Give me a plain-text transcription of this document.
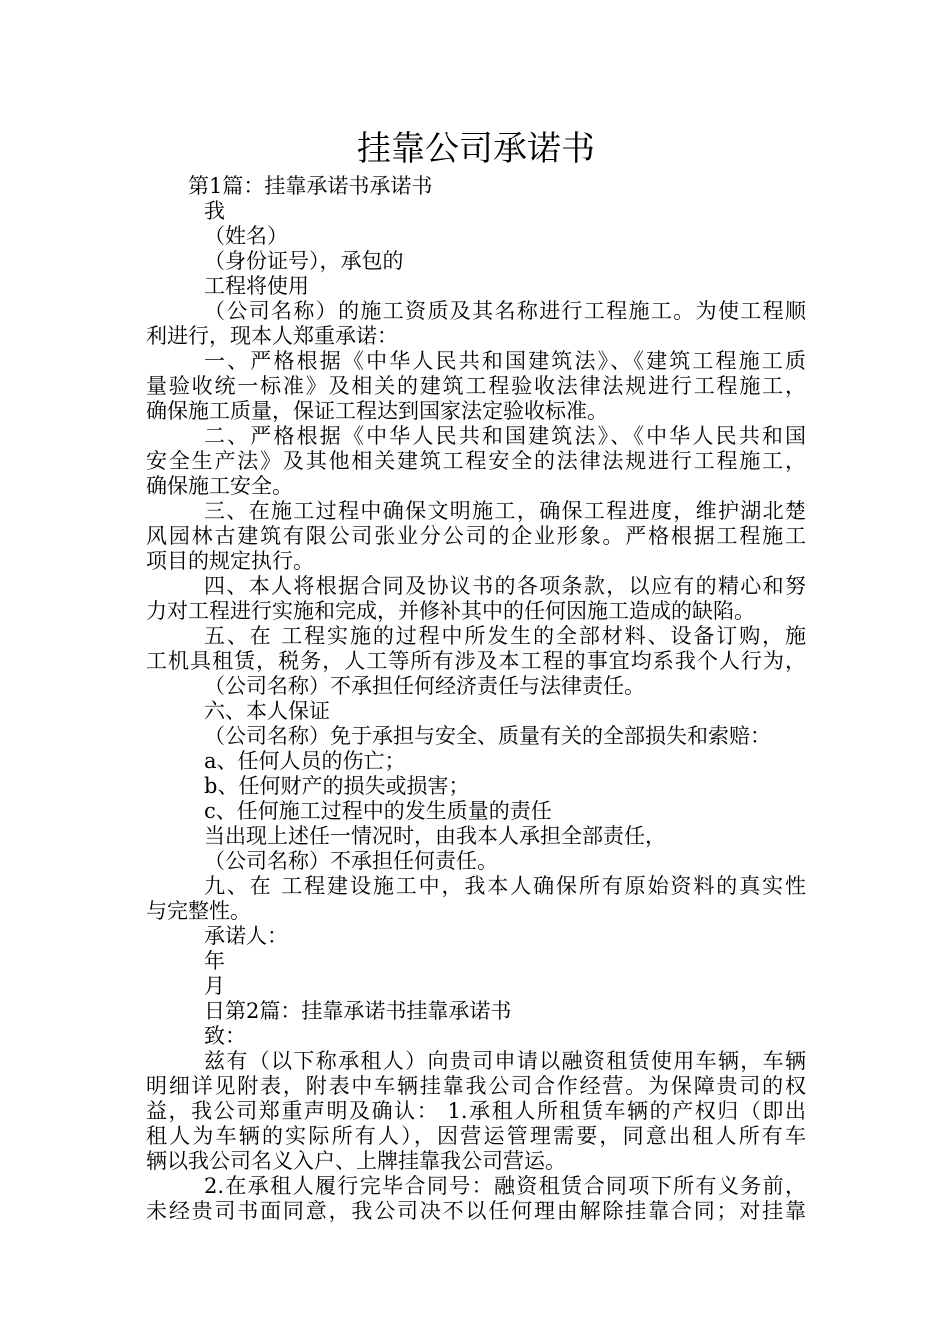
挂靠公司承诺书
第1篇：挂靠承诺书承诺书
我
（姓名）
（身份证号），承包的
工程将使用
（公司名称）的施工资质及其名称进行工程施工。为使工程顺
利进行，现本人郑重承诺：
一、严格根据《中华人民共和国建筑法》、《建筑工程施工质
量验收统一标准》及相关的建筑工程验收法律法规进行工程施工，
确保施工质量，保证工程达到国家法定验收标准。
二、严格根据《中华人民共和国建筑法》、《中华人民共和国
安全生产法》及其他相关建筑工程安全的法律法规进行工程施工，
确保施工安全。
三、在施工过程中确保文明施工，确保工程进度，维护湖北楚
风园林古建筑有限公司张业分公司的企业形象。严格根据工程施工
项目的规定执行。
四、本人将根据合同及协议书的各项条款，以应有的精心和努
力对工程进行实施和完成，并修补其中的任何因施工造成的缺陷。
五、在 工程实施的过程中所发生的全部材料、设备订购，施
工机具租赁，税务，人工等所有涉及本工程的事宜均系我个人行为，
（公司名称）不承担任何经济责任与法律责任。
六、本人保证
（公司名称）免于承担与安全、质量有关的全部损失和索赔：
a、任何人员的伤亡；
b、任何财产的损失或损害；
c、任何施工过程中的发生质量的责任
当出现上述任一情况时，由我本人承担全部责任，
（公司名称）不承担任何责任。
九、在 工程建设施工中，我本人确保所有原始资料的真实性
与完整性。
承诺人：
年
月
日第2篇：挂靠承诺书挂靠承诺书
致：
兹有（以下称承租人）向贵司申请以融资租赁使用车辆，车辆
明细详见附表，附表中车辆挂靠我公司合作经营。为保障贵司的权
益，我公司郑重声明及确认： 1.承租人所租赁车辆的产权归（即出
租人为车辆的实际所有人），因营运管理需要，同意出租人所有车
辆以我公司名义入户、上牌挂靠我公司营运。
2.在承租人履行完毕合同号：融资租赁合同项下所有义务前，
未经贵司书面同意，我公司决不以任何理由解除挂靠合同；对挂靠
